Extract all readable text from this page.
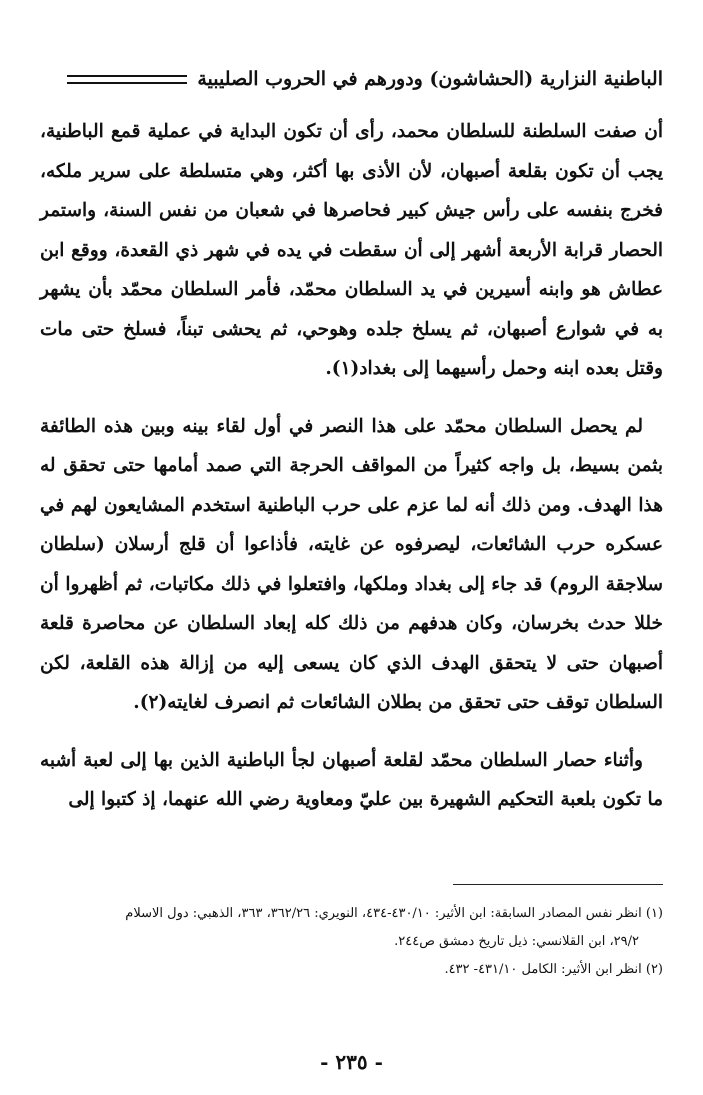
الباطنية النزارية (الحشاشون) ودورهم في الحروب الصليبية

أن صفت السلطنة للسلطان محمد، رأى أن تكون البداية في عملية قمع الباطنية، يجب أن تكون بقلعة أصبهان، لأن الأذى بها أكثر، وهي متسلطة على سرير ملكه، فخرج بنفسه على رأس جيش كبير فحاصرها في شعبان من نفس السنة، واستمر الحصار قرابة الأربعة أشهر إلى أن سقطت في يده في شهر ذي القعدة، ووقع ابن عطاش هو وابنه أسيرين في يد السلطان محمّد، فأمر السلطان محمّد بأن يشهر به في شوارع أصبهان، ثم يسلخ جلده وهوحي، ثم يحشى تبناً، فسلخ حتى مات وقتل بعده ابنه وحمل رأسيهما إلى بغداد(١).

لم يحصل السلطان محمّد على هذا النصر في أول لقاء بينه وبين هذه الطائفة بثمن بسيط، بل واجه كثيراً من المواقف الحرجة التي صمد أمامها حتى تحقق له هذا الهدف. ومن ذلك أنه لما عزم على حرب الباطنية استخدم المشايعون لهم في عسكره حرب الشائعات، ليصرفوه عن غايته، فأذاعوا أن قلج أرسلان (سلطان سلاجقة الروم) قد جاء إلى بغداد وملكها، وافتعلوا في ذلك مكاتبات، ثم أظهروا أن خللا حدث بخرسان، وكان هدفهم من ذلك كله إبعاد السلطان عن محاصرة قلعة أصبهان حتى لا يتحقق الهدف الذي كان يسعى إليه من إزالة هذه القلعة، لكن السلطان توقف حتى تحقق من بطلان الشائعات ثم انصرف لغايته(٢).

وأثناء حصار السلطان محمّد لقلعة أصبهان لجأ الباطنية الذين بها إلى لعبة أشبه ما تكون بلعبة التحكيم الشهيرة بين عليّ ومعاوية رضي الله عنهما، إذ كتبوا إلى

(١) انظر نفس المصادر السابقة: ابن الأثير: ٤٣٠/١٠-٤٣٤، النويري: ٣٦٢/٢٦، ٣٦٣، الذهبي: دول الاسلام

٢٩/٢، ابن القلانسي: ذيل تاريخ دمشق ص٢٤٤.

(٢) انظر ابن الأثير: الكامل ٤٣١/١٠- ٤٣٢.

- ٢٣٥ -
